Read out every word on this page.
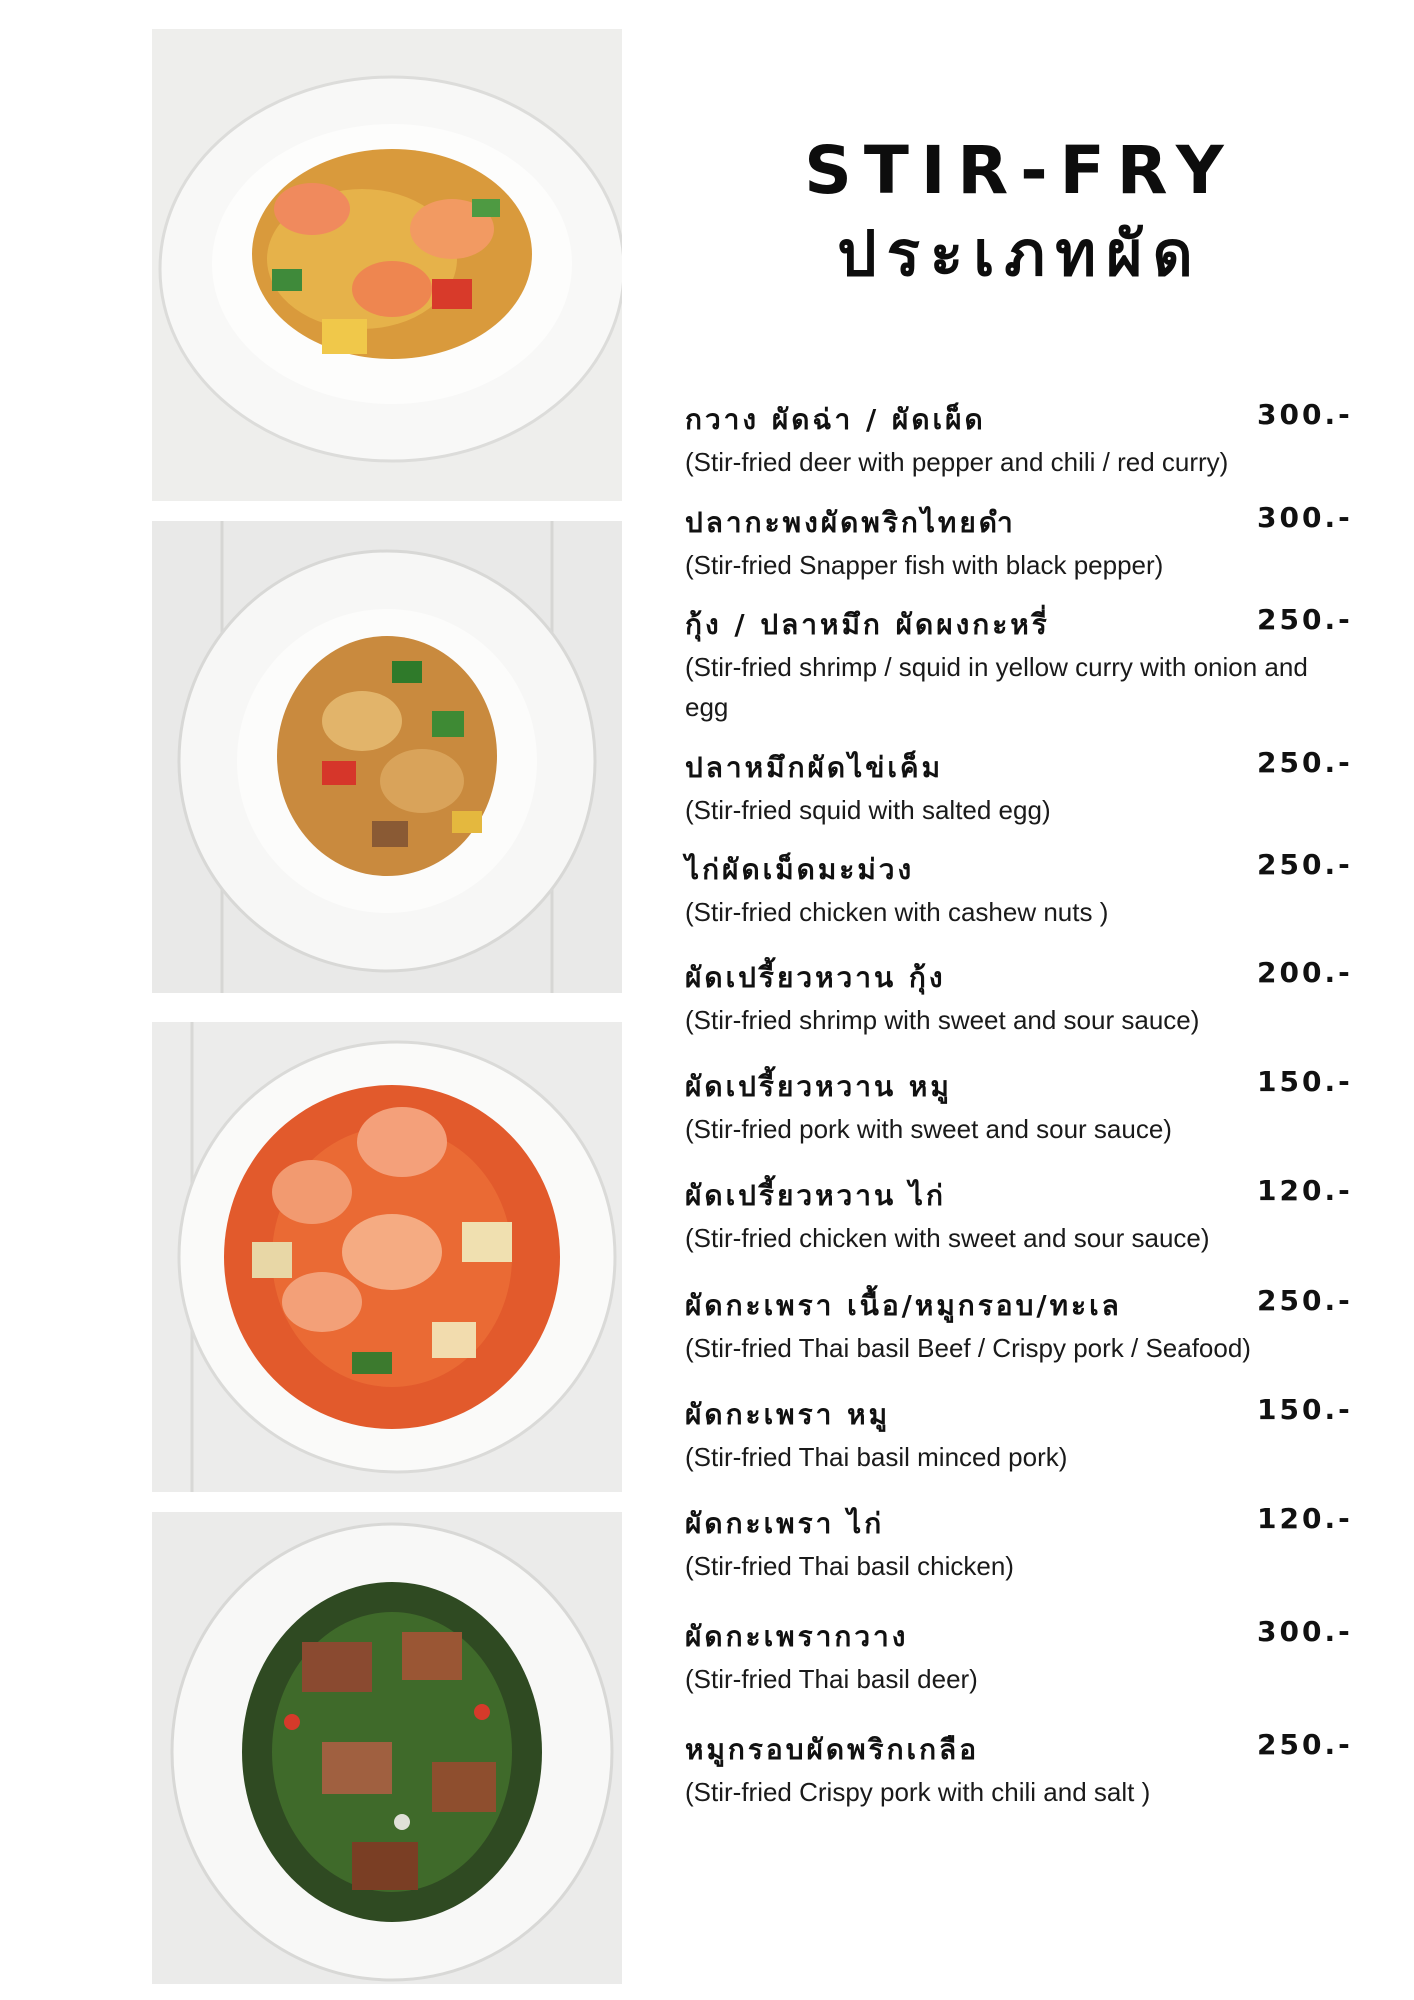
STIR-FRY
ประเภทผัด
กวาง ผัดฉ่า / ผัดเผ็ด	300.-
(Stir-fried deer with pepper and chili / red curry)
ปลากะพงผัดพริกไทยดำ	300.-
(Stir-fried Snapper fish with black pepper)
กุ้ง / ปลาหมึก ผัดผงกะหรี่	250.-
(Stir-fried shrimp / squid in yellow curry with onion and egg
ปลาหมึกผัดไข่เค็ม	250.-
(Stir-fried squid with salted egg)
ไก่ผัดเม็ดมะม่วง	250.-
(Stir-fried chicken with cashew nuts )
ผัดเปรี้ยวหวาน กุ้ง	200.-
(Stir-fried shrimp with sweet and sour sauce)
ผัดเปรี้ยวหวาน หมู	150.-
(Stir-fried pork with sweet and sour sauce)
ผัดเปรี้ยวหวาน ไก่	120.-
(Stir-fried chicken with sweet and sour sauce)
ผัดกะเพรา เนื้อ/หมูกรอบ/ทะเล	250.-
(Stir-fried Thai basil Beef / Crispy pork / Seafood)
ผัดกะเพรา หมู	150.-
(Stir-fried Thai basil minced pork)
ผัดกะเพรา ไก่	120.-
(Stir-fried Thai basil chicken)
ผัดกะเพรากวาง	300.-
(Stir-fried Thai basil deer)
หมูกรอบผัดพริกเกลือ	250.-
(Stir-fried Crispy pork with chili and salt )
